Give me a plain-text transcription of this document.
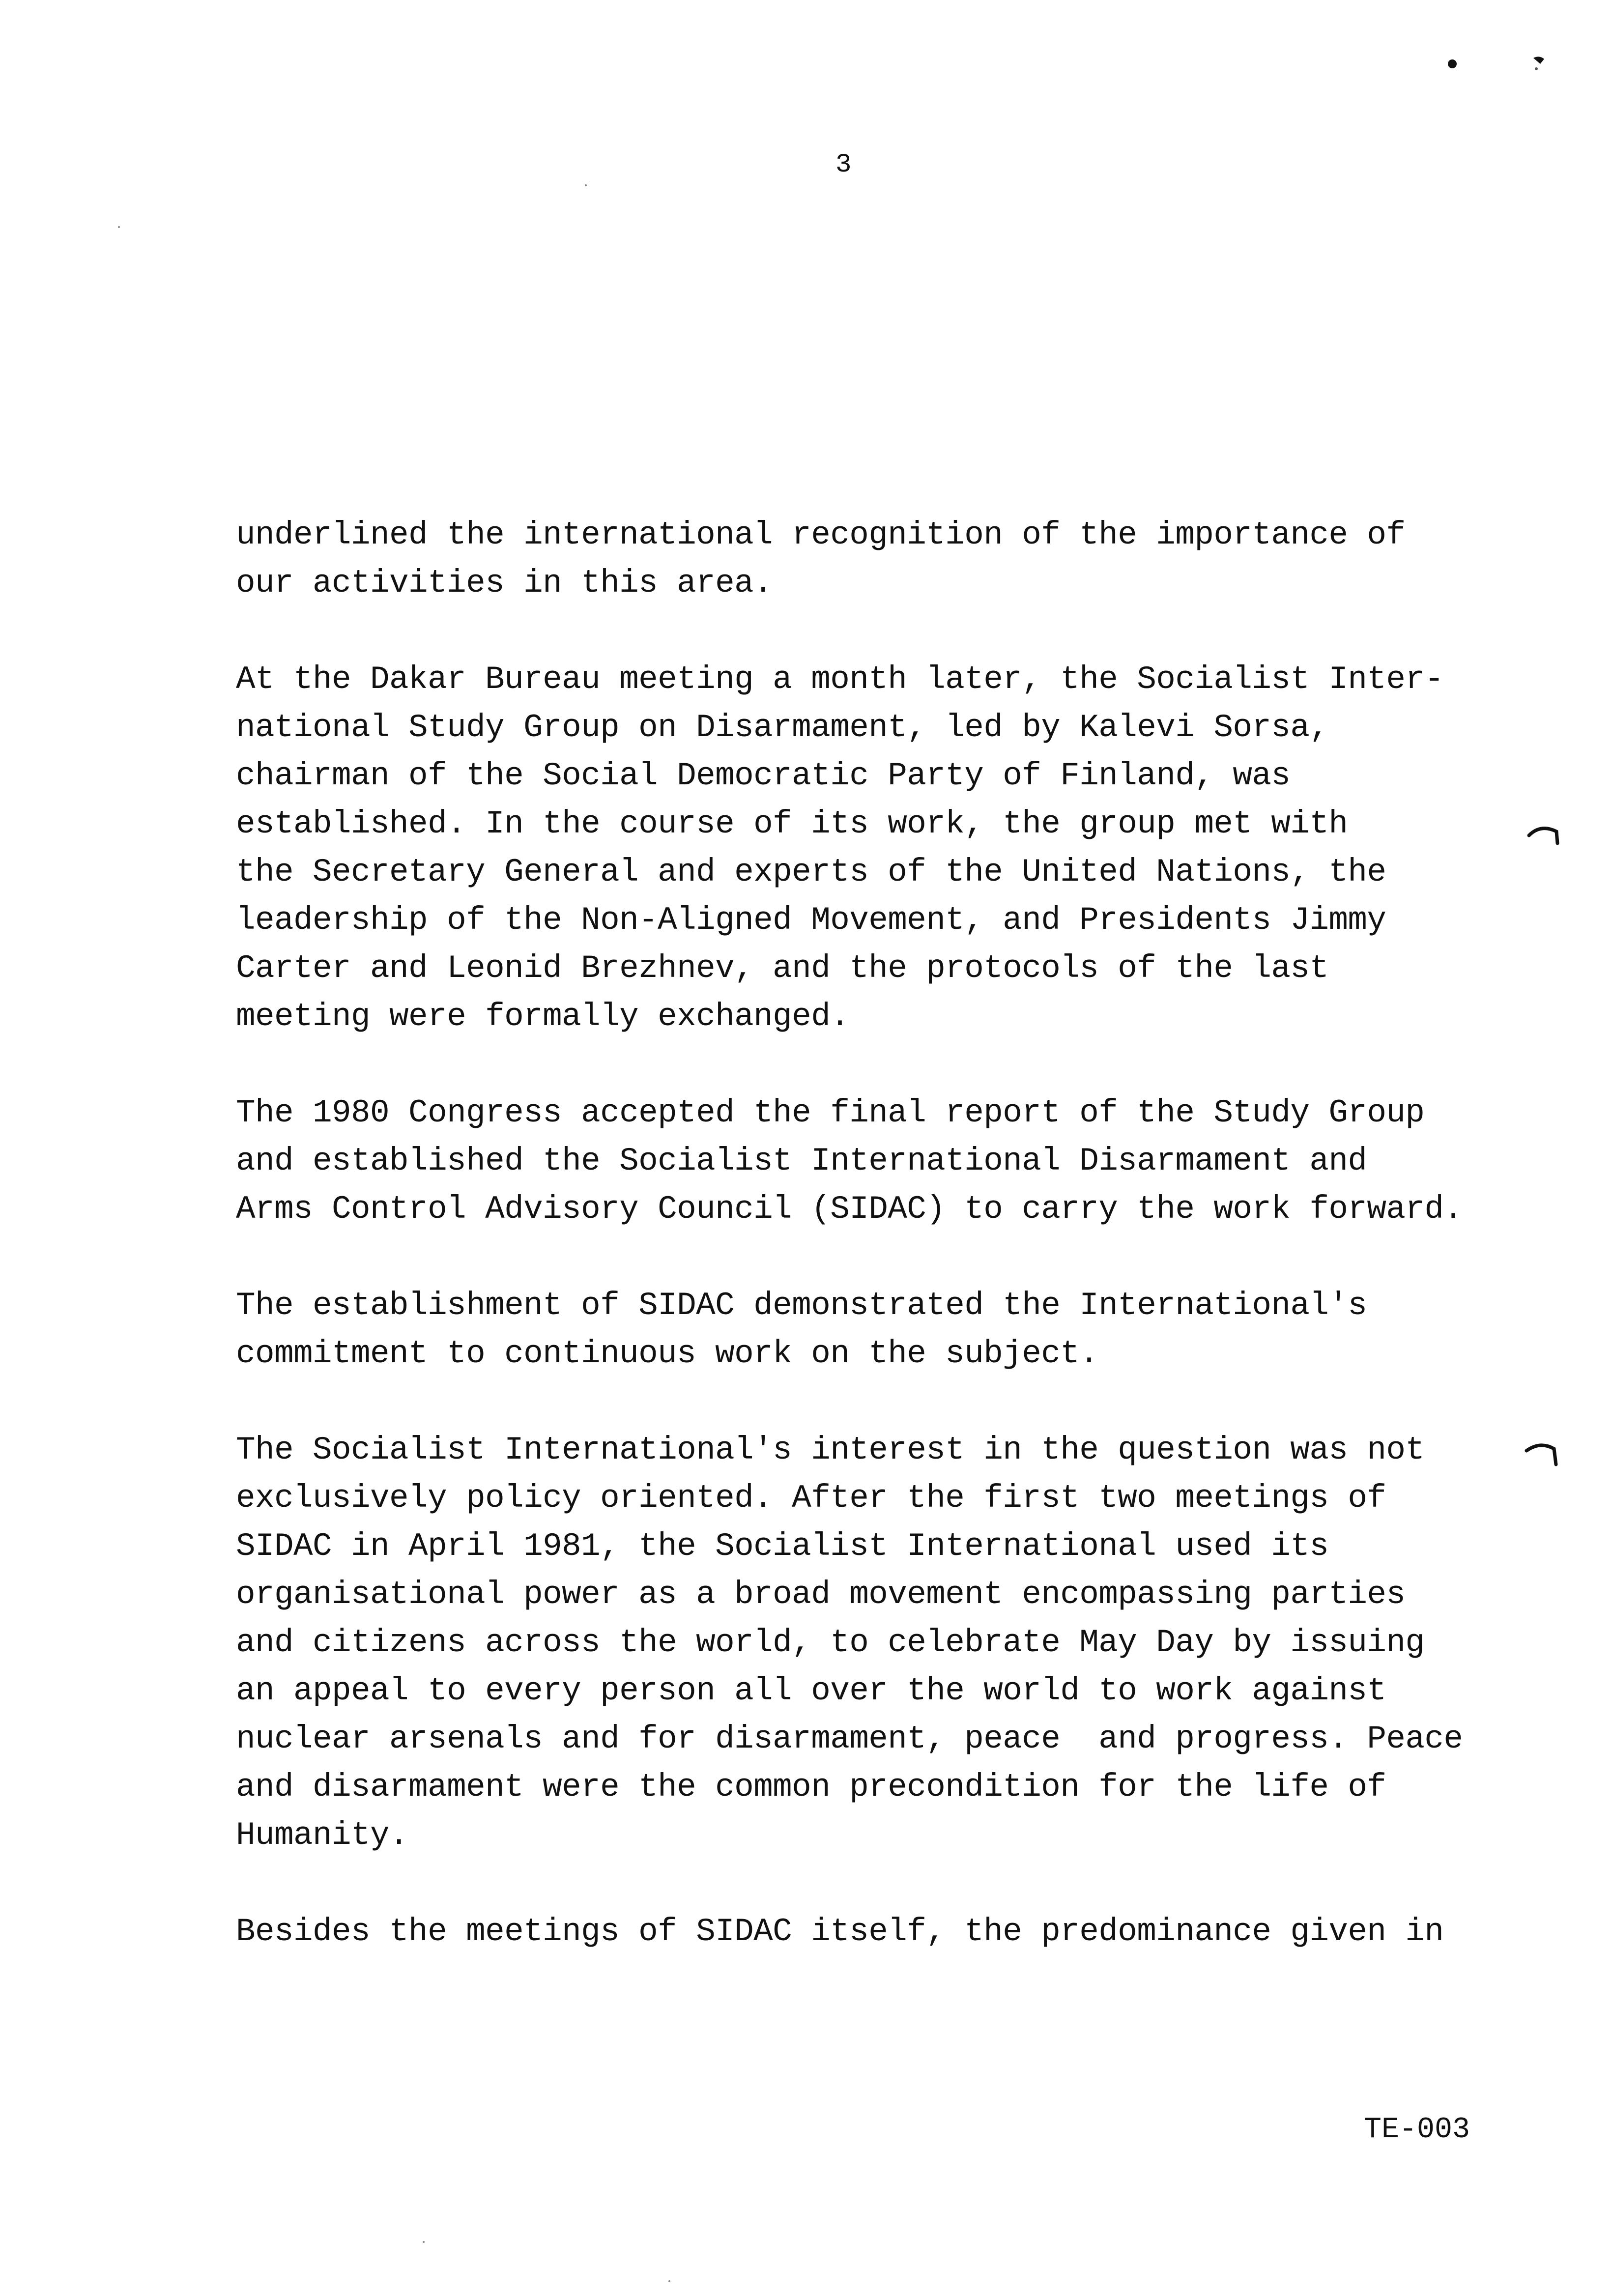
3

underlined the international recognition of the importance of
our activities in this area.

At the Dakar Bureau meeting a month later, the Socialist Inter-
national Study Group on Disarmament, led by Kalevi Sorsa,
chairman of the Social Democratic Party of Finland, was
established. In the course of its work, the group met with
the Secretary General and experts of the United Nations, the
leadership of the Non-Aligned Movement, and Presidents Jimmy
Carter and Leonid Brezhnev, and the protocols of the last
meeting were formally exchanged.

The 1980 Congress accepted the final report of the Study Group
and established the Socialist International Disarmament and
Arms Control Advisory Council (SIDAC) to carry the work forward.

The establishment of SIDAC demonstrated the International's
commitment to continuous work on the subject.

The Socialist International's interest in the question was not
exclusively policy oriented. After the first two meetings of
SIDAC in April 1981, the Socialist International used its
organisational power as a broad movement encompassing parties
and citizens across the world, to celebrate May Day by issuing
an appeal to every person all over the world to work against
nuclear arsenals and for disarmament, peace  and progress. Peace
and disarmament were the common precondition for the life of
Humanity.

Besides the meetings of SIDAC itself, the predominance given in

TE-003
